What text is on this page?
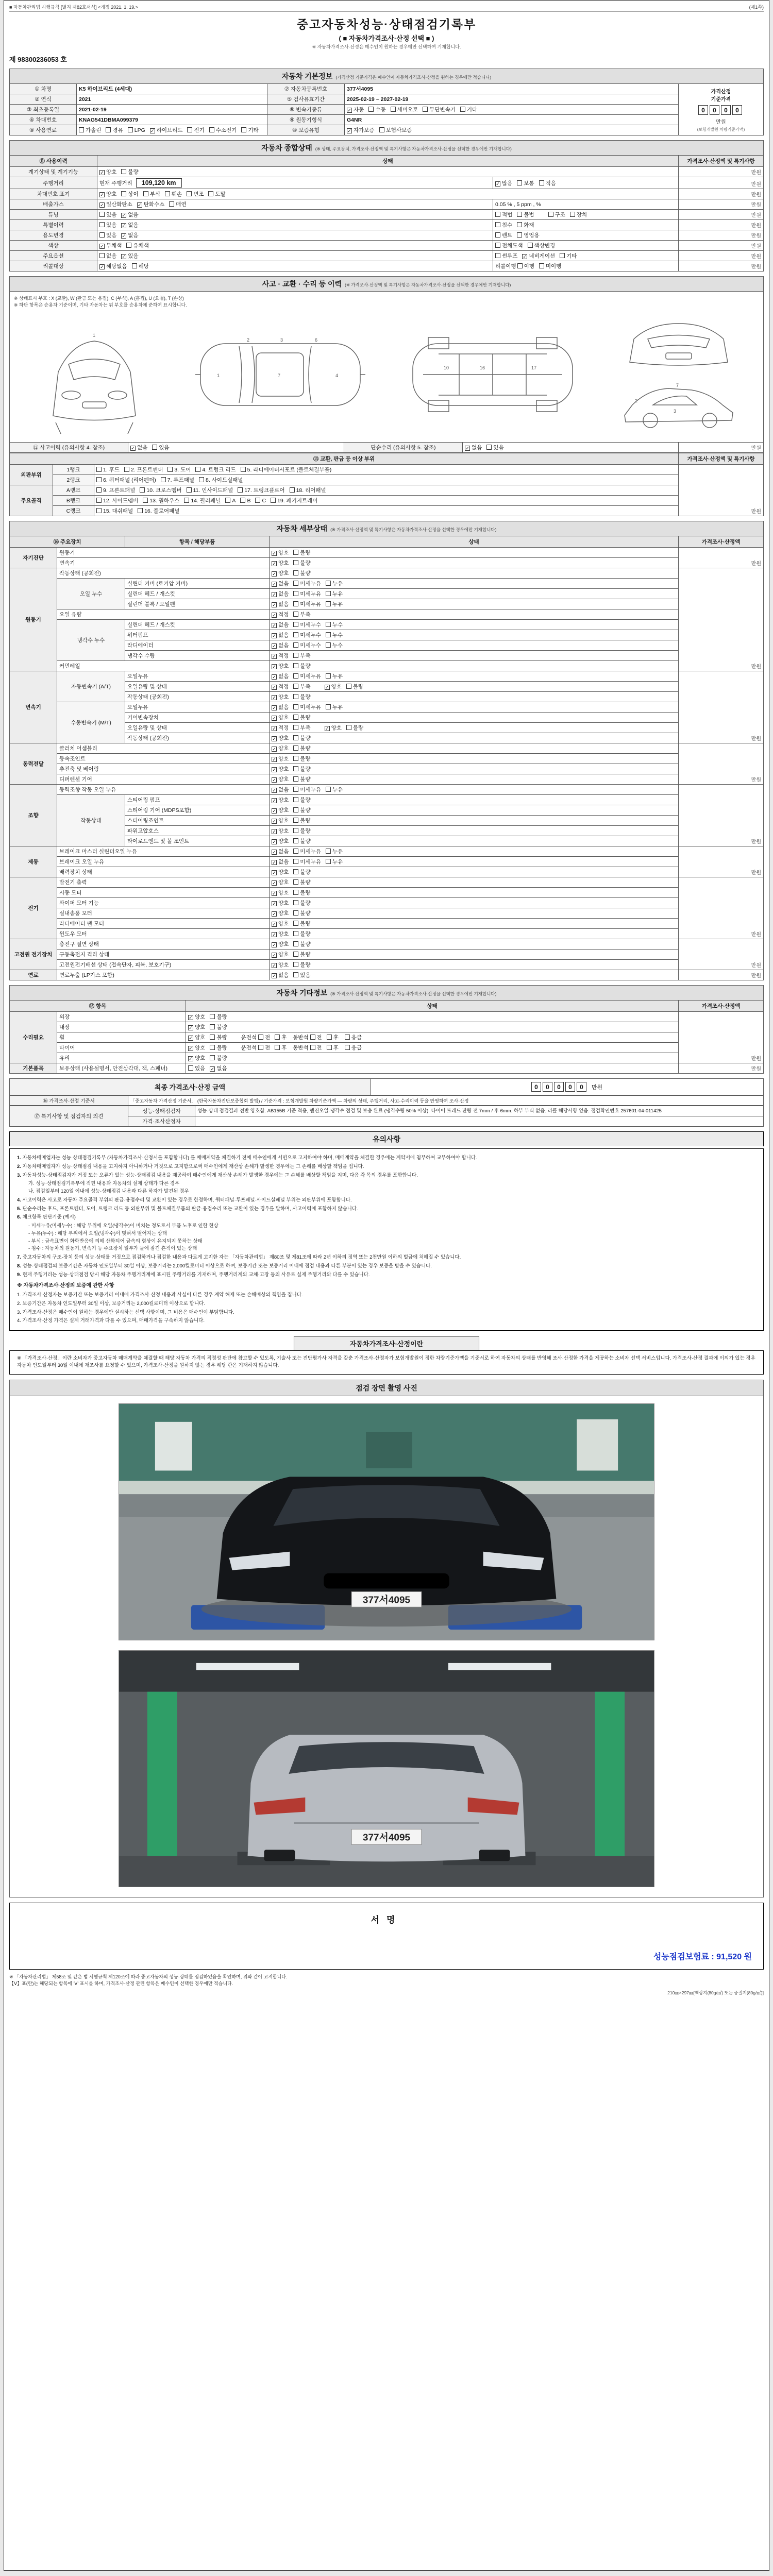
■ 자동차관리법 시행규칙 [별지 제82호서식] <개정 2021. 1. 19.>	(제1쪽)
중고자동차성능·상태점검기록부
( ■ 자동차가격조사·산정 선택 ■ )
※ 자동차가격조사·산정은 매수인이 원하는 경우에만 선택하여 기재합니다.
제 98300236053 호
자동차 기본정보 (가격산정 기준가격은 매수인이 자동차가격조사·산정을 원하는 경우에만 적습니다)
① 차명	K5 하이브리드 (4세대)	⑦ 자동차등록번호	377서4095	가격산정
기준가격
0 0 0 0
만원
(보험개발원 차량기준가액)

② 연식	2021	⑤ 검사유효기간	2025-02-19 ~ 2027-02-19	
③ 최초등록일	2021-02-19	⑥ 변속기종류	✓ 자동 수동 세미오토 무단변속기 기타	
④ 차대번호	KNAG541DBMA099379	⑨ 원동기형식	G4NR	
⑧ 사용연료	가솔린 경유 LPG ✓ 하이브리드 전기 수소전기 기타	⑩ 보증유형	✓ 자가보증 보험사보증	
자동차 종합상태 (※ 상태, 주요장치, 가격조사·산정액 및 특기사항은 자동차가격조사·산정을 선택한 경우에만 기재합니다)
⑪ 사용이력	상태		가격조사·산정액 및 특기사항
계기상태 및 계기기능	✓ 양호 불량		만원
주행거리	현재 주행거리 109,120 km	✓ 많음 보통 적음	만원
차대번호 표기	✓ 양호 상이 부식 훼손 변조 도말		만원
배출가스	✓ 일산화탄소 ✓ 탄화수소 매연	0.05 % , 5 ppm , %	만원
튜닝	있음 ✓ 없음	적법 불법 구조 장치	만원
특별이력	있음 ✓ 없음	침수 화재	만원
용도변경	있음 ✓ 없음	렌트 영업용	만원
색상	✓ 무채색 유채색	전체도색 색상변경	만원
주요옵션	없음 ✓ 있음	썬루프 ✓ 네비게이션 기타	만원
리콜대상	✓ 해당없음 해당	리콜이행 이행 미이행	만원
사고 · 교환 · 수리 등 이력 (※ 가격조사·산정액 및 특기사항은 자동차가격조사·산정을 선택한 경우에만 기재합니다)
※ 상태표시 부호 : X (교환), W (판금 또는 용접), C (부식), A (흠집), U (요철), T (손상)
※ 하단 항목은 승용차 기준이며, 기타 자동차는 위 부호를 승용차에 준하여 표시합니다.
1
1	7	4
2	3	6
16
10	17
7
2
3
⑫ 사고이력 (유의사항 4. 참조)	✓ 없음 있음	단순수리 (유의사항 5. 참조)	✓ 없음 있음	만원
⑬ 교환, 판금 등 이상 부위			가격조사·산정액 및 특기사항
외판부위	1랭크	1. 후드 2. 프론트펜더 3. 도어 4. 트렁크 리드 5. 라디에이터서포트 (볼트체결부품)	만원
	2랭크	6. 쿼터패널 (리어펜더) 7. 루프패널 8. 사이드실패널	
주요골격	A랭크	9. 프론트패널 10. 크로스멤버 11. 인사이드패널 17. 트렁크플로어 18. 리어패널	
	B랭크	12. 사이드멤버 13. 휠하우스 14. 필러패널 A B C 19. 패키지트레이	
	C랭크	15. 대쉬패널 16. 플로어패널	
자동차 세부상태 (※ 가격조사·산정액 및 특기사항은 자동차가격조사·산정을 선택한 경우에만 기재합니다)
⑭ 주요장치		항목 / 해당부품	상태	가격조사·산정액
자기진단	원동기		✓ 양호 불량	만원
	변속기		✓ 양호 불량	
원동기	작동상태 (공회전)		✓ 양호 불량	만원
	오일 누수	실린더 커버 (로커암 커버)	✓ 없음 미세누유 누유	
		실린더 헤드 / 개스킷	✓ 없음 미세누유 누유	
		실린더 블록 / 오일팬	✓ 없음 미세누유 누유	
	오일 유량		✓ 적정 부족	
	냉각수 누수	실린더 헤드 / 개스킷	✓ 없음 미세누수 누수	
		워터펌프	✓ 없음 미세누수 누수	
		라디에이터	✓ 없음 미세누수 누수	
		냉각수 수량	✓ 적정 부족	
	커먼레일		✓ 양호 불량	
변속기	자동변속기 (A/T)	오일누유	✓ 없음 미세누유 누유	만원
		오일유량 및 상태	✓ 적정 부족 ✓ 양호 불량	
		작동상태 (공회전)	✓ 양호 불량	
	수동변속기 (M/T)	오일누유	✓ 없음 미세누유 누유	
		기어변속장치	✓ 양호 불량	
		오일유량 및 상태	✓ 적정 부족 ✓ 양호 불량	
		작동상태 (공회전)	✓ 양호 불량	
동력전달	클러치 어셈블리		✓ 양호 불량	만원
	등속조인트		✓ 양호 불량	
	추진축 및 베어링		✓ 양호 불량	
	디퍼렌셜 기어		✓ 양호 불량	
조향	동력조향 작동 오일 누유		✓ 없음 미세누유 누유	만원
	작동상태	스티어링 펌프	✓ 양호 불량	
		스티어링 기어 (MDPS포함)	✓ 양호 불량	
		스티어링조인트	✓ 양호 불량	
		파워고압호스	✓ 양호 불량	
		타이로드엔드 및 볼 조인트	✓ 양호 불량	
제동	브레이크 마스터 실린더오일 누유		✓ 없음 미세누유 누유	만원
	브레이크 오일 누유		✓ 없음 미세누유 누유	
	배력장치 상태		✓ 양호 불량	
전기	발전기 출력		✓ 양호 불량	만원
	시동 모터		✓ 양호 불량	
	와이퍼 모터 기능		✓ 양호 불량	
	실내송풍 모터		✓ 양호 불량	
	라디에이터 팬 모터		✓ 양호 불량	
	윈도우 모터		✓ 양호 불량	
고전원 전기장치	충전구 절연 상태		✓ 양호 불량	만원
	구동축전지 격리 상태		✓ 양호 불량	
	고전원전기배선 상태 (접속단자, 피복, 보호기구)		✓ 양호 불량	
연료	연료누출 (LP가스 포함)		✓ 없음 있음	만원
자동차 기타정보 (※ 가격조사·산정액 및 특기사항은 자동차가격조사·산정을 선택한 경우에만 기재합니다)
⑮ 항목		상태	가격조사·산정액
수리필요	외장	✓ 양호 불량	만원
	내장	✓ 양호 불량	
	휠	✓ 양호 불량 운전석 전 후 동반석 전 후 응급	
	타이어	✓ 양호 불량 운전석 전 후 동반석 전 후 응급	
	유리	✓ 양호 불량	
기본품목	보유상태 (사용설명서, 안전삼각대, 잭, 스패너)	있음 ✓ 없음	만원
최종 가격조사·산정 금액	0 0 0 0 0 만원
⑯ 가격조사·산정 기준서	「중고자동차 가격산정 기준서」 (한국자동차진단보증협회 발행) / 기준가격 : 보험개발원 차량기준가액 — 차량의 상태, 주행거리, 사고·수리이력 등을 반영하여 조사·산정
⑰ 특기사항 및 점검자의 의견	성능·상태점검자	성능·상태 점검결과 전반 양호함. AB155B 기준 적용, 엔진오일·냉각수 점검 및 보충 완료 (냉각수량 50% 이상). 타이어 트레드 잔량 전 7mm / 후 6mm. 하부 부식 없음. 리콜 해당사항 없음. 점검확인번호 257601-04-011425
	가격·조사산정자	
유의사항

1. 자동차매매업자는 성능·상태점검기록부 (자동차가격조사·산정서를 포함합니다) 를 매매계약을 체결하기 전에 매수인에게 서면으로 고지하여야 하며, 매매계약을 체결한 경우에는 계약서에 첨부하여 교부하여야 합니다.

2. 자동차매매업자가 성능·상태점검 내용을 고지하지 아니하거나 거짓으로 고지함으로써 매수인에게 재산상 손해가 발생한 경우에는 그 손해를 배상할 책임을 집니다.

3. 자동차성능·상태점검자가 거짓 또는 오류가 있는 성능·상태점검 내용을 제공하여 매수인에게 재산상 손해가 발생한 경우에는 그 손해를 배상할 책임을 지며, 다음 각 목의 경우를 포함합니다.

가. 성능·상태점검기록부에 적힌 내용과 자동차의 실제 상태가 다른 경우

나. 점검일부터 120일 이내에 성능·상태점검 내용과 다른 하자가 발견된 경우

4. 사고이력은 사고로 자동차 주요골격 부위의 판금·용접수리 및 교환이 있는 경우로 한정하며, 쿼터패널·루프패널·사이드실패널 부위는 외판부위에 포함합니다.

5. 단순수리는 후드, 프론트펜더, 도어, 트렁크 리드 등 외판부위 및 볼트체결부품의 판금·용접수리 또는 교환이 있는 경우를 말하며, 사고이력에 포함하지 않습니다.

6. 체크항목 판단기준 (예시)

- 미세누유(미세누수) : 해당 부위에 오일(냉각수)이 비치는 정도로서 부품 노후로 인한 현상

- 누유(누수) : 해당 부위에서 오일(냉각수)이 맺혀서 떨어지는 상태

- 부식 : 금속표면이 화학반응에 의해 산화되어 금속의 형상이 유지되지 못하는 상태

- 침수 : 자동차의 원동기, 변속기 등 주요장치 일부가 물에 잠긴 흔적이 있는 상태

7. 중고자동차의 구조·장치 등의 성능·상태를 거짓으로 점검하거나 점검한 내용과 다르게 고지한 자는 「자동차관리법」 제80조 및 제81조에 따라 2년 이하의 징역 또는 2천만원 이하의 벌금에 처해질 수 있습니다.

8. 성능·상태점검의 보증기간은 자동차 인도일부터 30일 이상, 보증거리는 2,000킬로미터 이상으로 하며, 보증기간 또는 보증거리 이내에 점검 내용과 다른 부분이 있는 경우 보증을 받을 수 있습니다.

9. 현재 주행거리는 성능·상태점검 당시 해당 자동차 주행거리계에 표시된 주행거리를 기재하며, 주행거리계의 교체·고장 등의 사유로 실제 주행거리와 다를 수 있습니다.

※ 자동차가격조사·산정의 보증에 관한 사항

1. 가격조사·산정자는 보증기간 또는 보증거리 이내에 가격조사·산정 내용과 사실이 다른 경우 계약 해제 또는 손해배상의 책임을 집니다.

2. 보증기간은 자동차 인도일부터 30일 이상, 보증거리는 2,000킬로미터 이상으로 합니다.

3. 가격조사·산정은 매수인이 원하는 경우에만 실시하는 선택 사항이며, 그 비용은 매수인이 부담합니다.

4. 가격조사·산정 가격은 실제 거래가격과 다를 수 있으며, 매매가격을 구속하지 않습니다.

자동차가격조사·산정이란
※ 「가격조사·산정」이란 소비자가 중고자동차 매매계약을 체결할 때 해당 자동차 가격의 적정성 판단에 참고할 수 있도록, 기술사 또는 진단평가사 자격을 갖춘 가격조사·산정자가 보험개발원이 정한 차량기준가액을 기준서로 하여 자동차의 상태를 반영해 조사·산정한 가격을 제공하는 소비자 선택 서비스입니다. 가격조사·산정 결과에 이의가 있는 경우 자동차 인도일부터 30일 이내에 재조사를 요청할 수 있으며, 가격조사·산정을 원하지 않는 경우 해당 란은 기재하지 않습니다.
점검 장면 촬영 사진
377서4095
377서4095
서명
성능점검보험료 : 91,520 원
※ 「자동차관리법」 제58조 및 같은 법 시행규칙 제120조에 따라 중고자동차의 성능·상태를 점검하였음을 확인하며, 위와 같이 고지합니다.
【Ⅴ】표(란)는 해당되는 항목에 'Ⅴ' 표시를 하며, 가격조사·산정 관련 항목은 매수인이 선택한 경우에만 적습니다.
210㎜×297㎜[백상지(80g/㎡) 또는 중질지(80g/㎡)]
